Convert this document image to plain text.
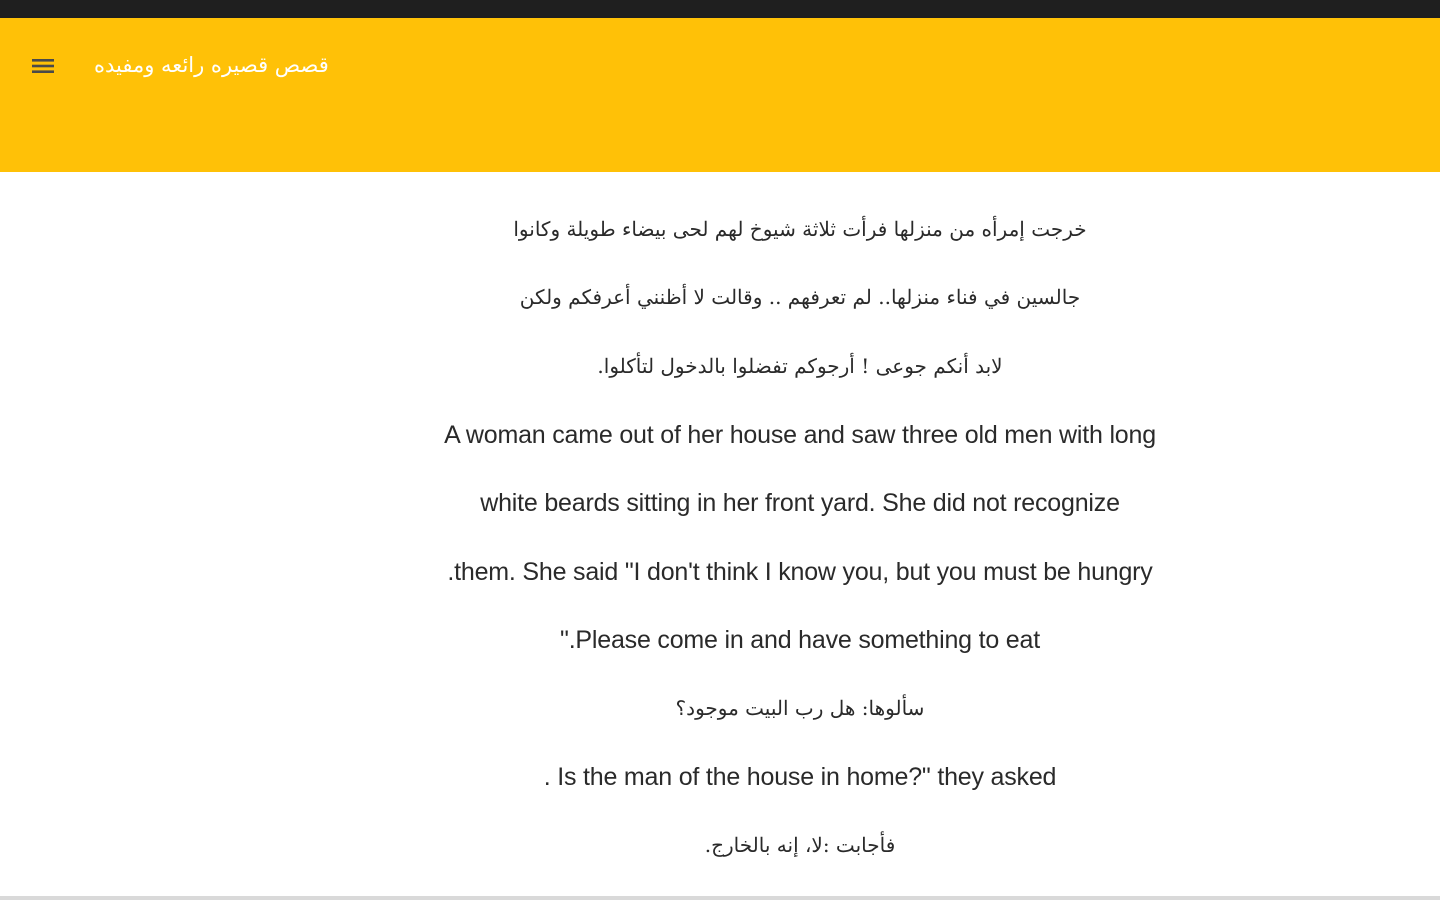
قصص قصيره رائعه ومفيده
خرجت إمرأه من منزلها فرأت ثلاثة شيوخ لهم لحى بيضاء طويلة وكانوا
جالسين في فناء منزلها.. لم تعرفهم .. وقالت لا أظنني أعرفكم ولكن
لابد أنكم جوعى ! أرجوكم تفضلوا بالدخول لتأكلوا.
A woman came out of her house and saw three old men with long
white beards sitting in her front yard. She did not recognize
.them. She said "I don't think I know you, but you must be hungry
".Please come in and have something to eat
سألوها: هل رب البيت موجود؟
. Is the man of the house in home?" they asked
فأجابت :لا، إنه بالخارج.
